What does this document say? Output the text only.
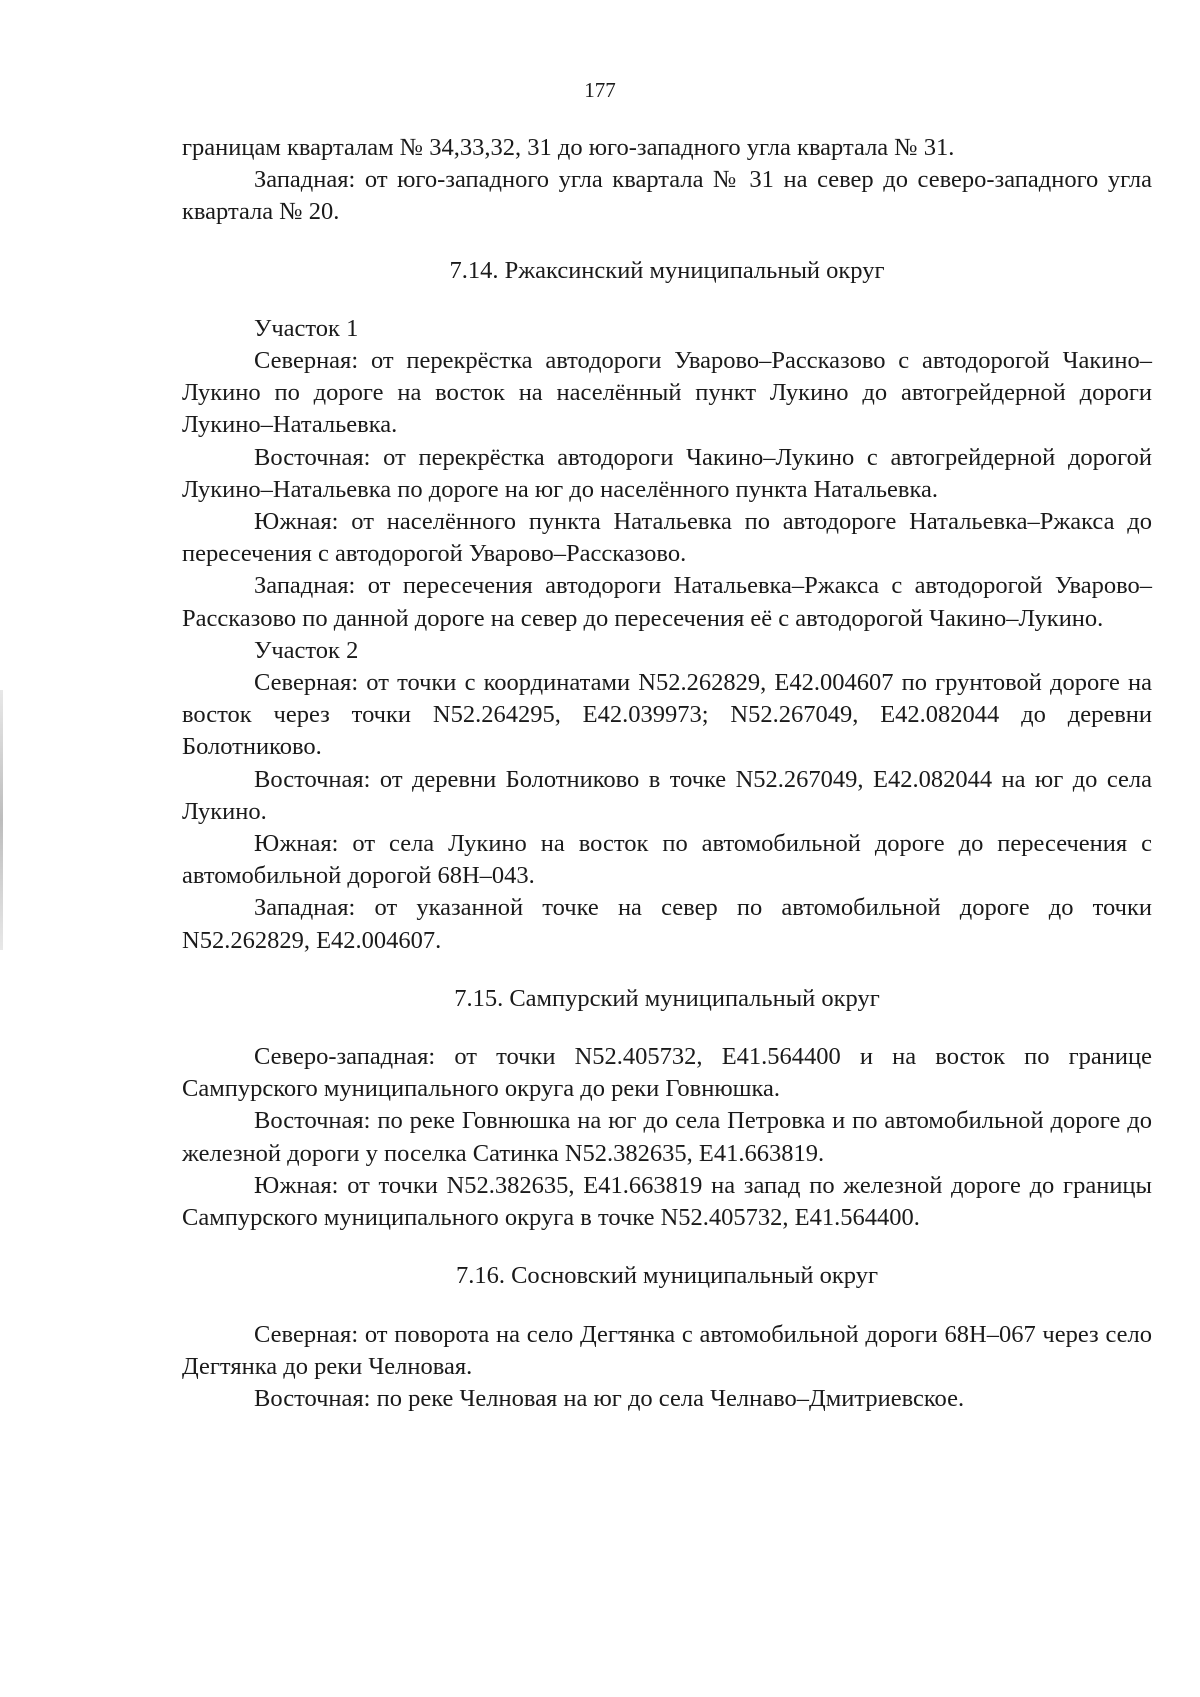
177

границам кварталам № 34,33,32, 31 до юго-западного угла квартала № 31.

Западная: от юго-западного угла квартала № 31 на север до северо-западного угла квартала № 20.

7.14. Ржаксинский муниципальный округ

Участок 1

Северная: от перекрёстка автодороги Уварово–Рассказово с автодорогой Чакино–Лукино по дороге на восток на населённый пункт Лукино до автогрейдерной дороги Лукино–Натальевка.

Восточная: от перекрёстка автодороги Чакино–Лукино с автогрейдерной дорогой Лукино–Натальевка по дороге на юг до населённого пункта Натальевка.

Южная: от населённого пункта Натальевка по автодороге Натальевка–Ржакса до пересечения с автодорогой Уварово–Рассказово.

Западная: от пересечения автодороги Натальевка–Ржакса с автодорогой Уварово–Рассказово по данной дороге на север до пересечения её с автодорогой Чакино–Лукино.

Участок 2

Северная: от точки с координатами N52.262829, E42.004607 по грунтовой дороге на восток через точки N52.264295, E42.039973; N52.267049, E42.082044 до деревни Болотниково.

Восточная: от деревни Болотниково в точке N52.267049, E42.082044 на юг до села Лукино.

Южная: от села Лукино на восток по автомобильной дороге до пересечения с автомобильной дорогой 68Н–043.

Западная: от указанной точке на север по автомобильной дороге до точки N52.262829, E42.004607.

7.15. Сампурский муниципальный округ

Северо-западная: от точки N52.405732, E41.564400 и на восток по границе Сампурского муниципального округа до реки Говнюшка.

Восточная: по реке Говнюшка на юг до села Петровка и по автомобильной дороге до железной дороги у поселка Сатинка N52.382635, E41.663819.

Южная: от точки N52.382635, E41.663819 на запад по железной дороге до границы Сампурского муниципального округа в точке N52.405732, E41.564400.

7.16. Сосновский муниципальный округ

Северная: от поворота на село Дегтянка с автомобильной дороги 68Н–067 через село Дегтянка до реки Челновая.

Восточная: по реке Челновая на юг до села Челнаво–Дмитриевское.
